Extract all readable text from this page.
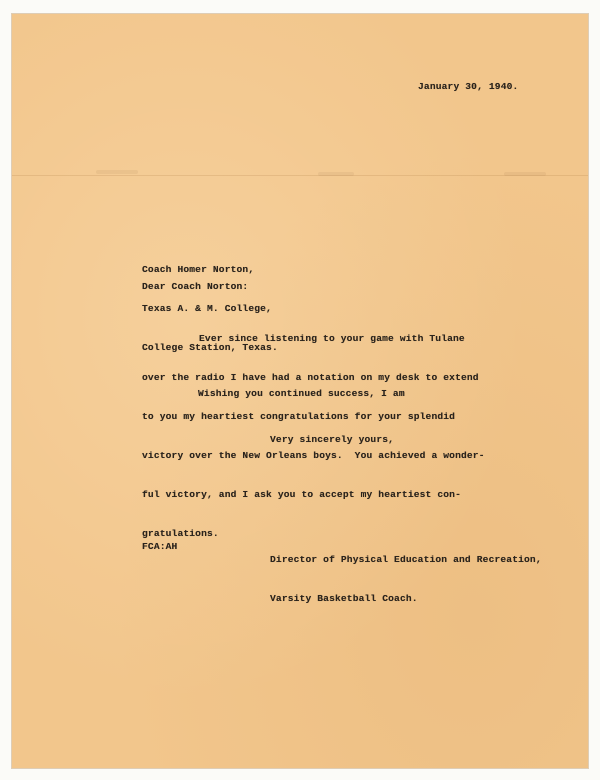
January 30, 1940.

Coach Homer Norton,

Texas A. & M. College,

College Station, Texas.

Dear Coach Norton:

Ever since listening to your game with Tulane

over the radio I have had a notation on my desk to extend

to you my heartiest congratulations for your splendid

victory over the New Orleans boys.  You achieved a wonder-

ful victory, and I ask you to accept my heartiest con-

gratulations.

Wishing you continued success, I am
Very sincerely yours,

Director of Physical Education and Recreation,

Varsity Basketball Coach.

FCA:AH
